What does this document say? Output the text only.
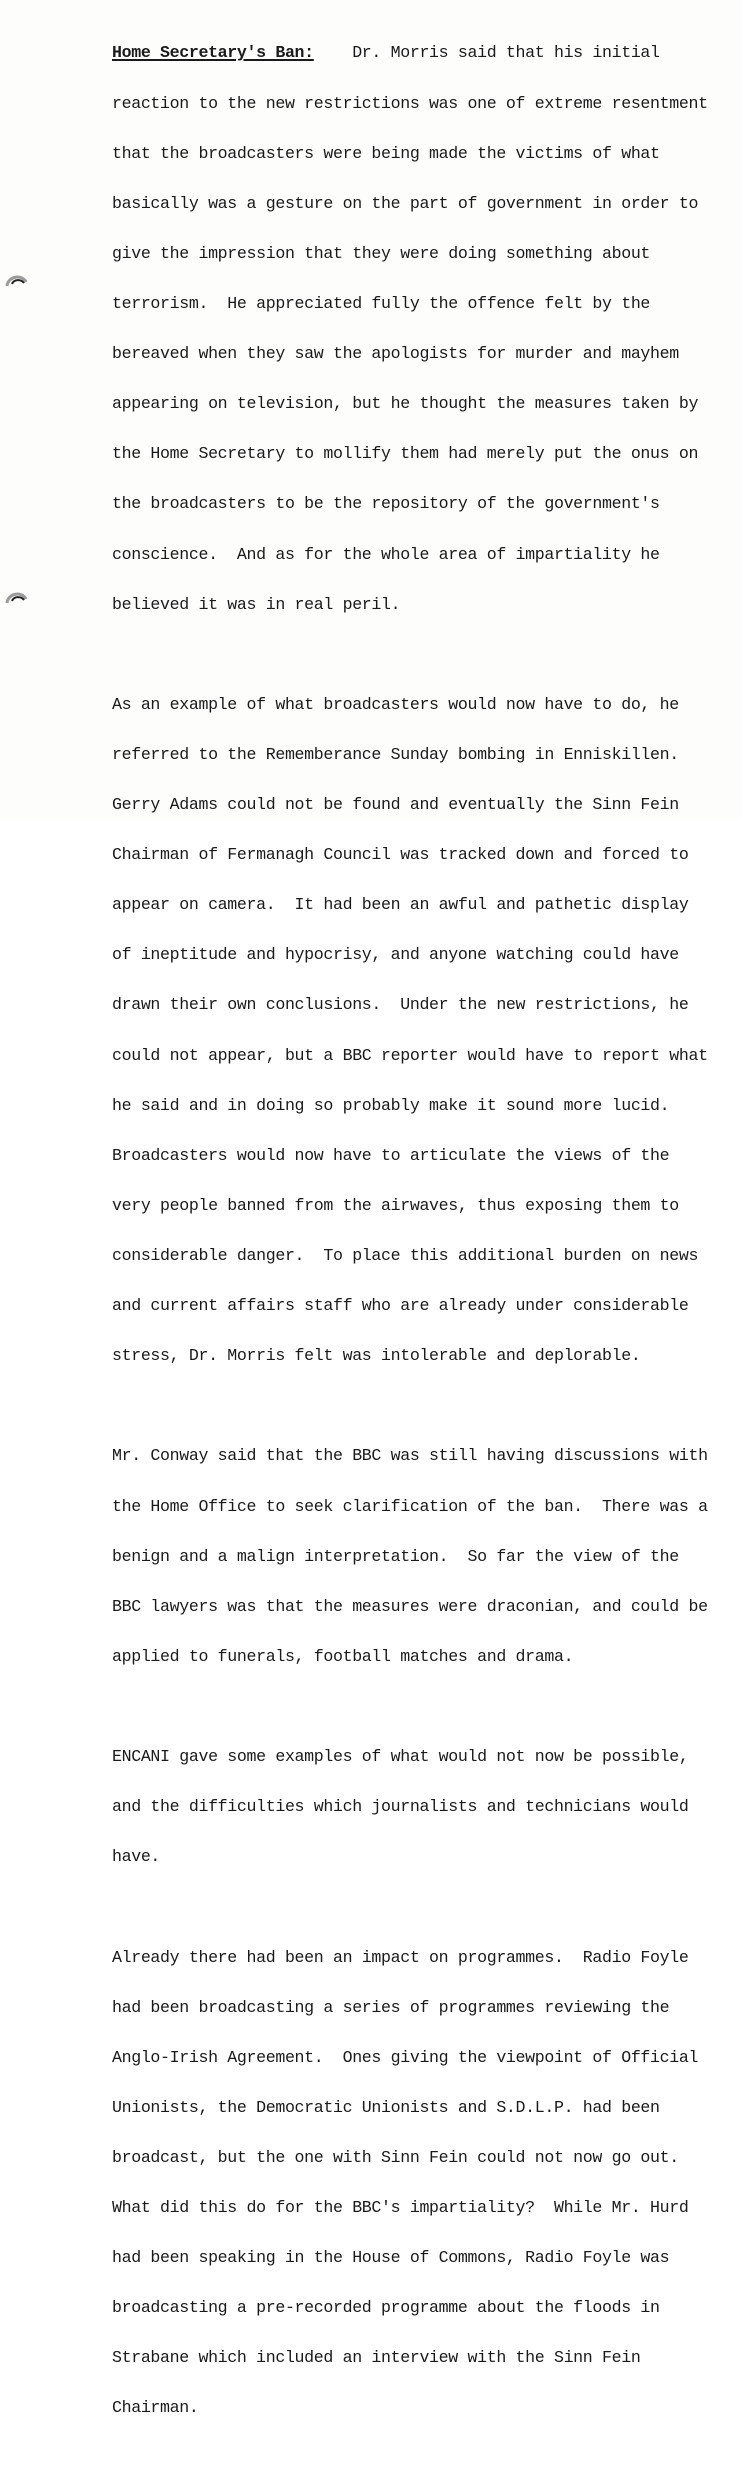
Home Secretary's Ban:    Dr. Morris said that his initial

reaction to the new restrictions was one of extreme resentment

that the broadcasters were being made the victims of what

basically was a gesture on the part of government in order to

give the impression that they were doing something about

terrorism.  He appreciated fully the offence felt by the

bereaved when they saw the apologists for murder and mayhem

appearing on television, but he thought the measures taken by

the Home Secretary to mollify them had merely put the onus on

the broadcasters to be the repository of the government's

conscience.  And as for the whole area of impartiality he

believed it was in real peril.

As an example of what broadcasters would now have to do, he

referred to the Rememberance Sunday bombing in Enniskillen.

Gerry Adams could not be found and eventually the Sinn Fein

Chairman of Fermanagh Council was tracked down and forced to

appear on camera.  It had been an awful and pathetic display

of ineptitude and hypocrisy, and anyone watching could have

drawn their own conclusions.  Under the new restrictions, he

could not appear, but a BBC reporter would have to report what

he said and in doing so probably make it sound more lucid.

Broadcasters would now have to articulate the views of the

very people banned from the airwaves, thus exposing them to

considerable danger.  To place this additional burden on news

and current affairs staff who are already under considerable

stress, Dr. Morris felt was intolerable and deplorable.

Mr. Conway said that the BBC was still having discussions with

the Home Office to seek clarification of the ban.  There was a

benign and a malign interpretation.  So far the view of the

BBC lawyers was that the measures were draconian, and could be

applied to funerals, football matches and drama.

ENCANI gave some examples of what would not now be possible,

and the difficulties which journalists and technicians would

have.

Already there had been an impact on programmes.  Radio Foyle

had been broadcasting a series of programmes reviewing the

Anglo-Irish Agreement.  Ones giving the viewpoint of Official

Unionists, the Democratic Unionists and S.D.L.P. had been

broadcast, but the one with Sinn Fein could not now go out.

What did this do for the BBC's impartiality?  While Mr. Hurd

had been speaking in the House of Commons, Radio Foyle was

broadcasting a pre-recorded programme about the floods in

Strabane which included an interview with the Sinn Fein

Chairman.
